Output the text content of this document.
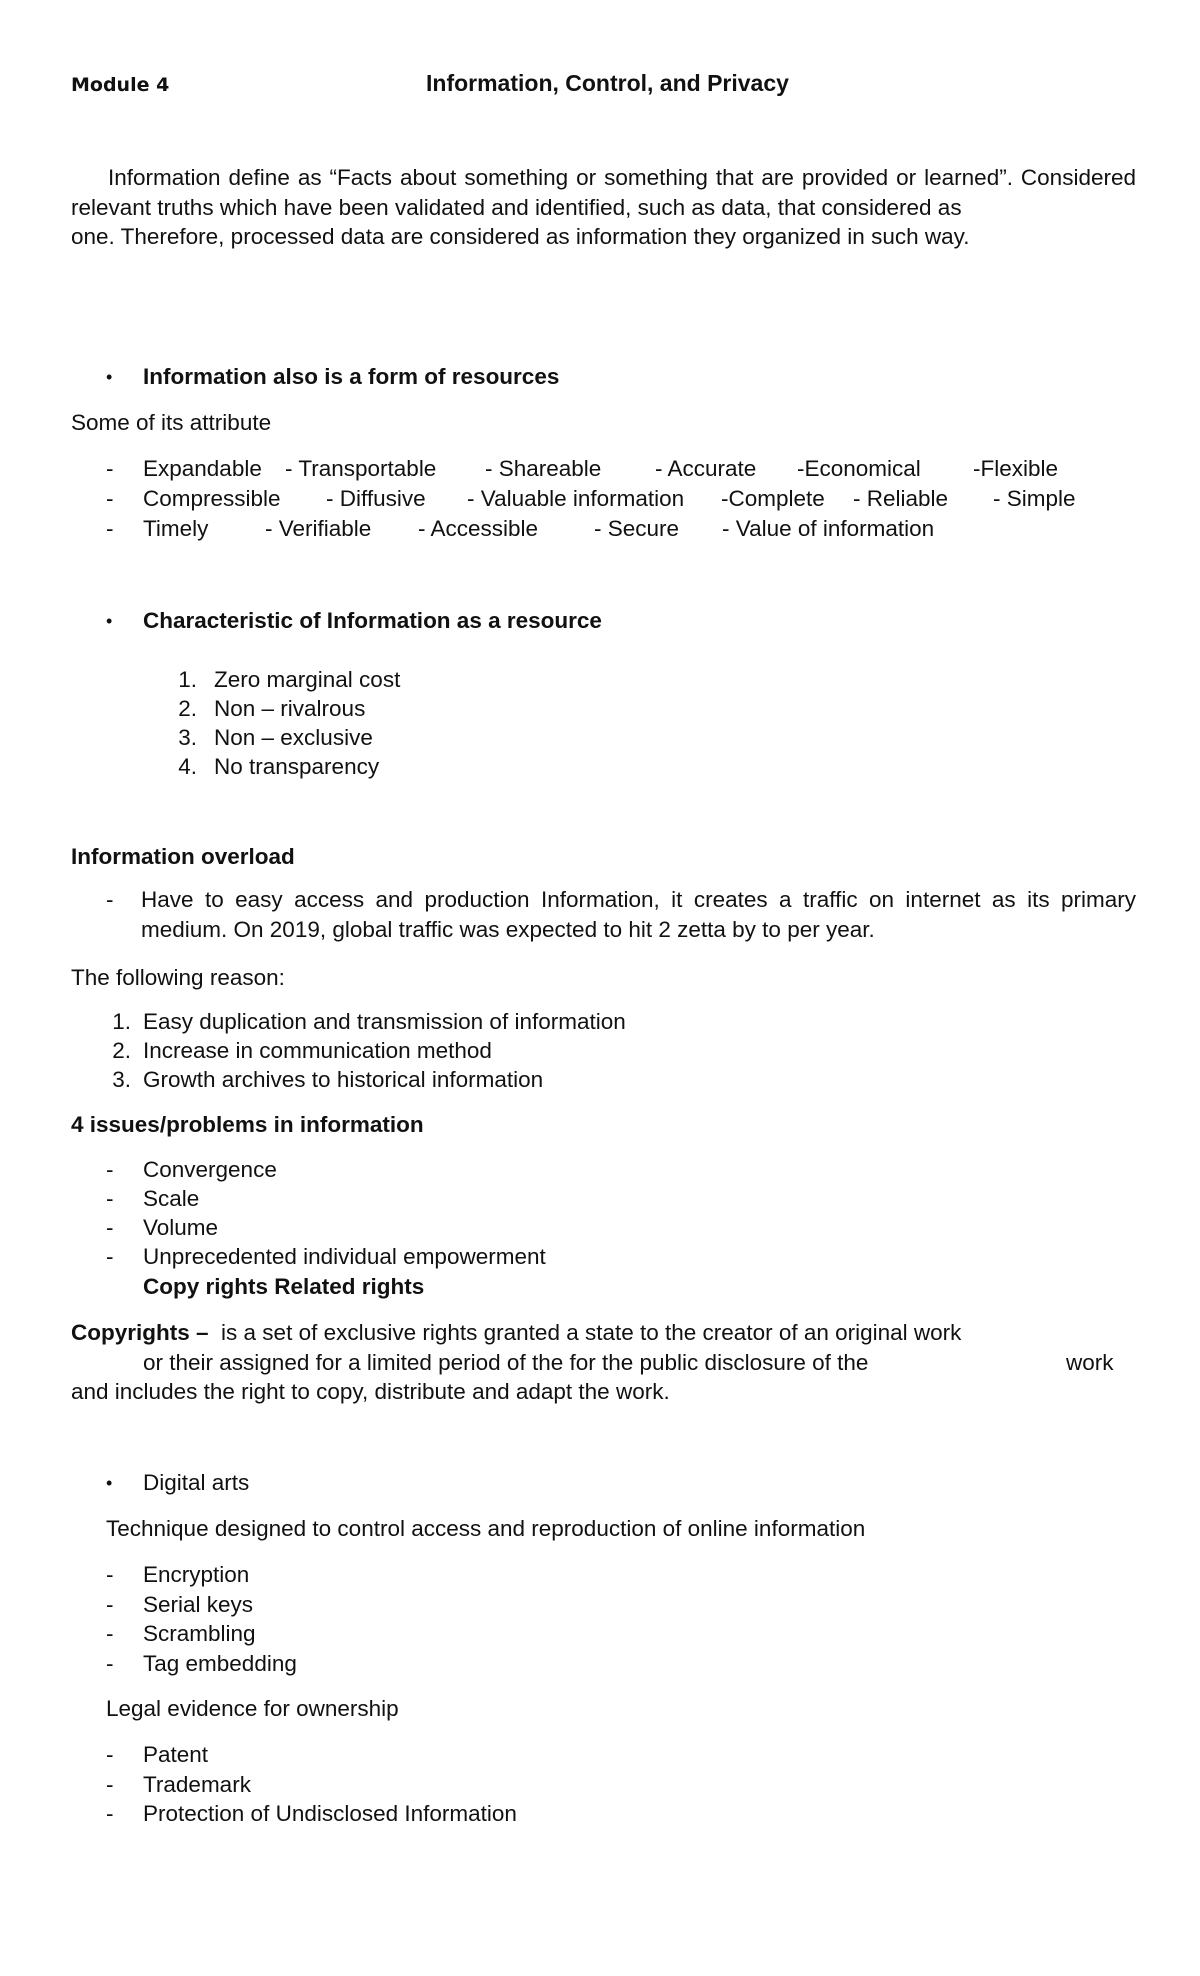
Module 4	Information, Control, and Privacy

Information define as “Facts about something or something that are provided or learned”. Considered relevant truths which have been validated and identified, such as data, that considered as

one. Therefore, processed data are considered as information they organized in such way.

• Information also is a form of resources
Some of its attribute
- Expandable - Transportable - Shareable - Accurate -Economical -Flexible
- Compressible - Diffusive - Valuable information -Complete - Reliable - Simple
- Timely	- Verifiable - Accessible - Secure - Value of information
• Characteristic of Information as a resource
1. Zero marginal cost
2. Non – rivalrous
3. Non – exclusive
4. No transparency
Information overload
- Have to easy access and production Information, it creates a traffic on internet as its primary medium. On 2019, global traffic was expected to hit 2 zetta by to per year.
The following reason:
1. Easy duplication and transmission of information
2. Increase in communication method
3. Growth archives to historical information
4 issues/problems in information
- Convergence
- Scale
- Volume
- Unprecedented individual empowerment
Copy rights Related rights
Copyrights – is a set of exclusive rights granted a state to the creator of an original work
or their assigned for a limited period of the for the public disclosure of the	work
and includes the right to copy, distribute and adapt the work.
• Digital arts
Technique designed to control access and reproduction of online information
- Encryption
- Serial keys
- Scrambling
- Tag embedding
Legal evidence for ownership
- Patent
- Trademark
- Protection of Undisclosed Information
